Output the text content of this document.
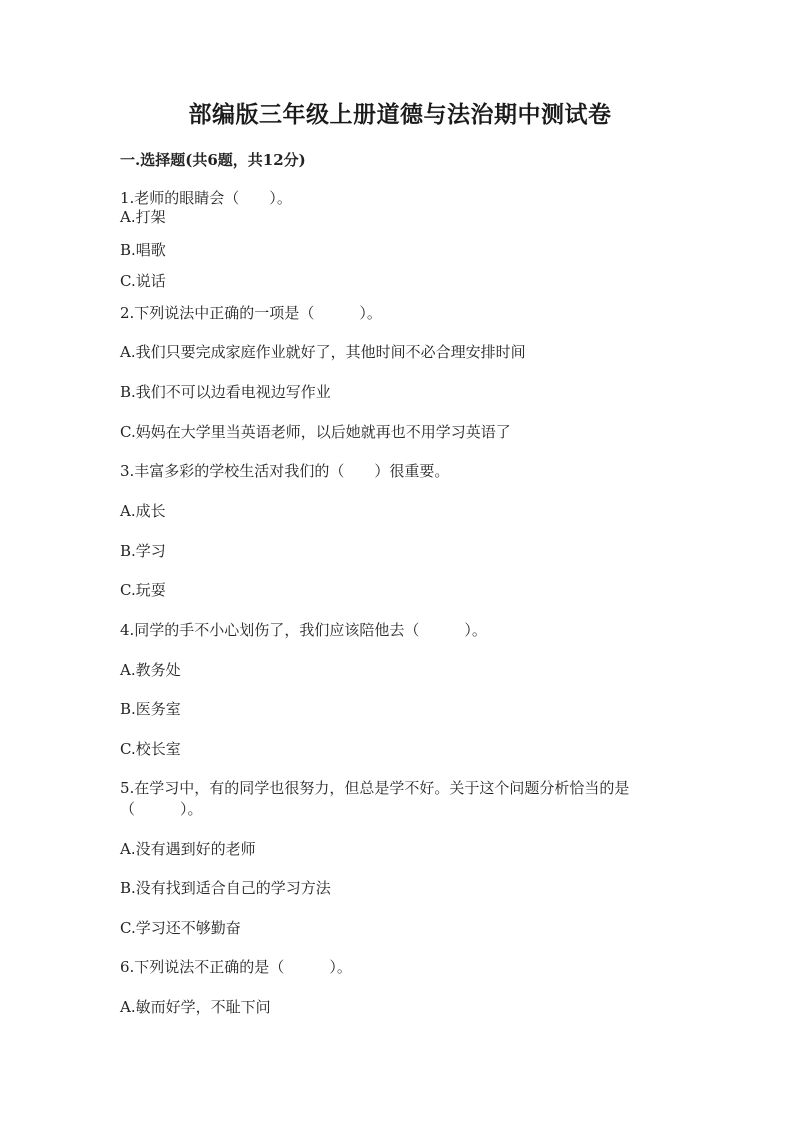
部编版三年级上册道德与法治期中测试卷
一.选择题(共6题，共12分)
1.老师的眼睛会（　　）。
A.打架
B.唱歌
C.说话
2.下列说法中正确的一项是（　　　）。
A.我们只要完成家庭作业就好了，其他时间不必合理安排时间
B.我们不可以边看电视边写作业
C.妈妈在大学里当英语老师，以后她就再也不用学习英语了
3.丰富多彩的学校生活对我们的（　　）很重要。
A.成长
B.学习
C.玩耍
4.同学的手不小心划伤了，我们应该陪他去（　　　）。
A.教务处
B.医务室
C.校长室
5.在学习中，有的同学也很努力，但总是学不好。关于这个问题分析恰当的是
（　　　）。
A.没有遇到好的老师
B.没有找到适合自己的学习方法
C.学习还不够勤奋
6.下列说法不正确的是（　　　）。
A.敏而好学，不耻下问
